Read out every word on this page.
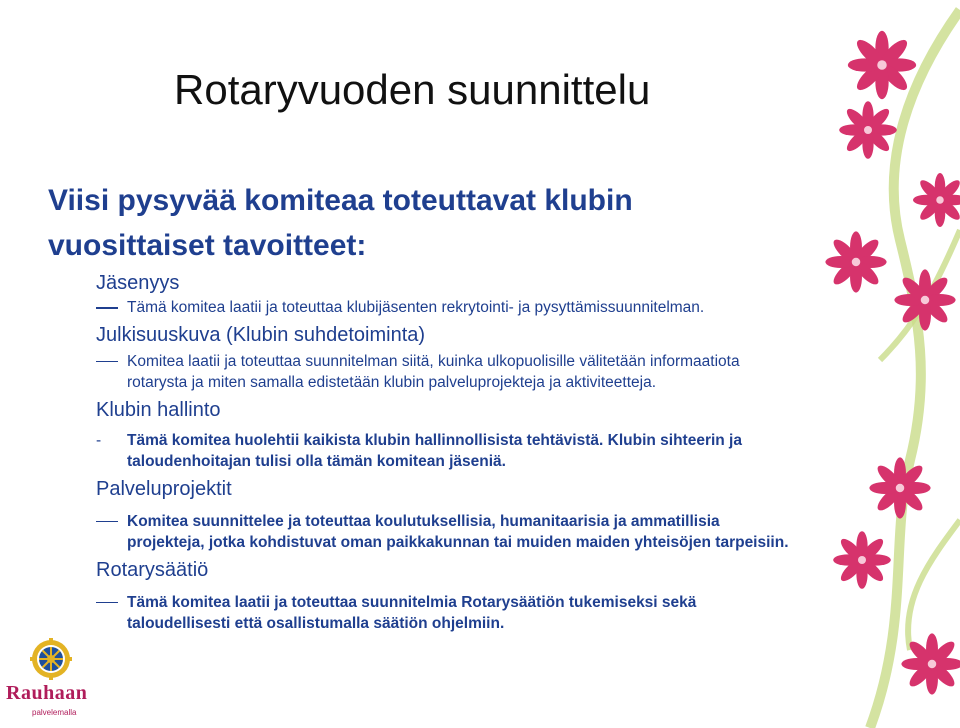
Rotaryvuoden suunnittelu
Viisi pysyvää komiteaa toteuttavat klubin vuosittaiset tavoitteet:
Jäsenyys
Tämä komitea laatii ja toteuttaa klubijäsenten rekrytointi- ja pysyttämissuunnitelman.
Julkisuuskuva (Klubin suhdetoiminta)
Komitea laatii ja toteuttaa suunnitelman siitä, kuinka ulkopuolisille välitetään informaatiota rotarysta ja miten samalla edistetään klubin palveluprojekteja ja aktiviteetteja.
Klubin hallinto
-	Tämä komitea huolehtii kaikista klubin hallinnollisista tehtävistä. Klubin sihteerin ja taloudenhoitajan tulisi olla tämän komitean jäseniä.
Palveluprojektit
Komitea suunnittelee ja toteuttaa koulutuksellisia, humanitaarisia ja ammatillisia projekteja, jotka kohdistuvat oman paikkakunnan tai muiden maiden yhteisöjen tarpeisiin.
Rotarysäätiö
Tämä komitea laatii ja toteuttaa suunnitelmia Rotarysäätiön tukemiseksi sekä taloudellisesti että osallistumalla säätiön ohjelmiin.
Rauhaan
palvelemalla
